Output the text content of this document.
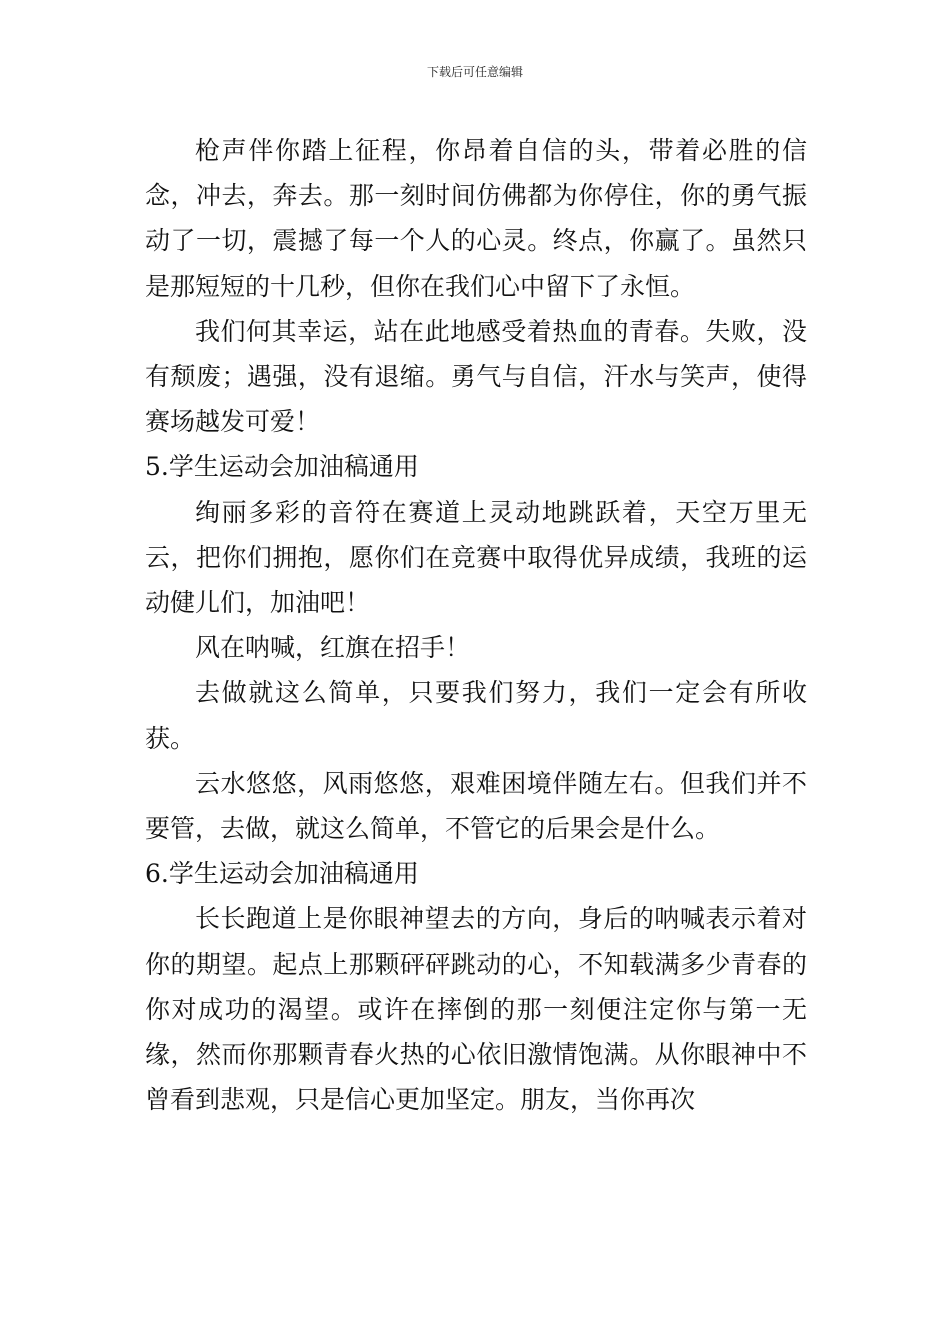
下载后可任意编辑

枪声伴你踏上征程，你昂着自信的头，带着必胜的信念，冲去，奔去。那一刻时间仿佛都为你停住，你的勇气振动了一切，震撼了每一个人的心灵。终点，你赢了。虽然只是那短短的十几秒，但你在我们心中留下了永恒。

我们何其幸运，站在此地感受着热血的青春。失败，没有颓废；遇强，没有退缩。勇气与自信，汗水与笑声，使得赛场越发可爱！

5.学生运动会加油稿通用

绚丽多彩的音符在赛道上灵动地跳跃着，天空万里无云，把你们拥抱，愿你们在竞赛中取得优异成绩，我班的运动健儿们，加油吧！

风在呐喊，红旗在招手！

去做就这么简单，只要我们努力，我们一定会有所收获。

云水悠悠，风雨悠悠，艰难困境伴随左右。但我们并不要管，去做，就这么简单，不管它的后果会是什么。

6.学生运动会加油稿通用

长长跑道上是你眼神望去的方向，身后的呐喊表示着对你的期望。起点上那颗砰砰跳动的心，不知载满多少青春的你对成功的渴望。或许在摔倒的那一刻便注定你与第一无缘，然而你那颗青春火热的心依旧激情饱满。从你眼神中不曾看到悲观，只是信心更加坚定。朋友，当你再次
